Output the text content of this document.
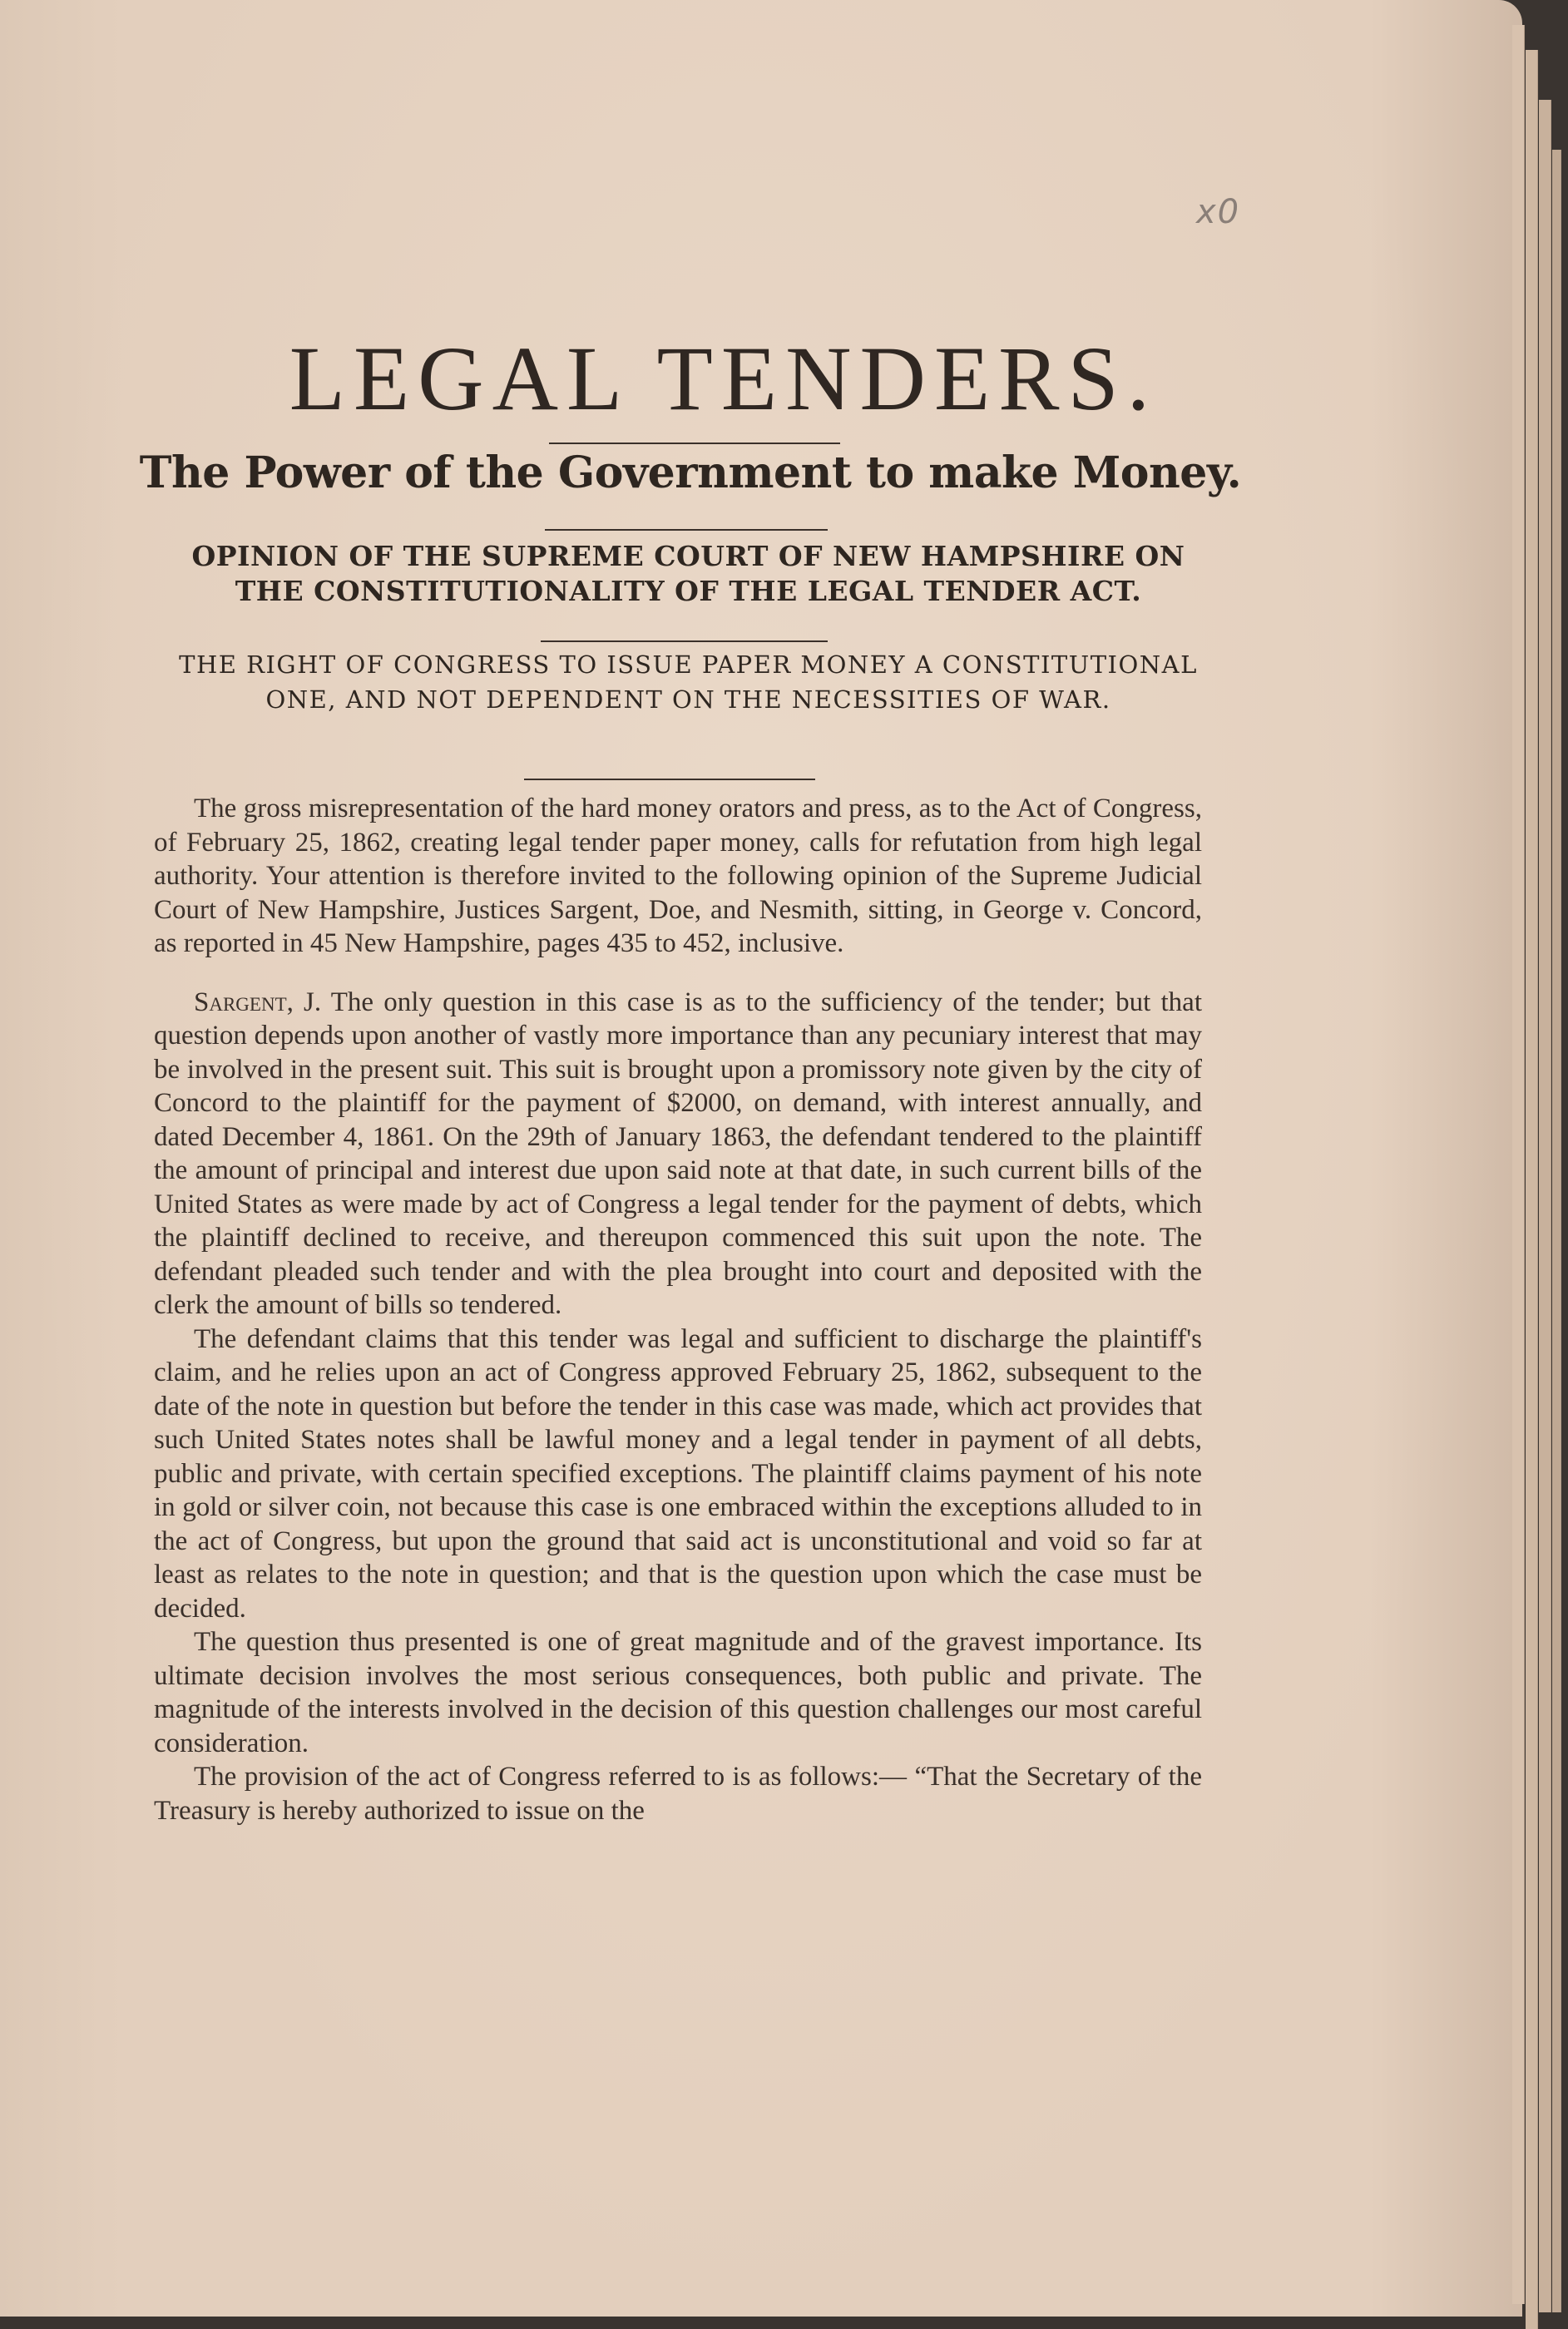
x0
LEGAL TENDERS.
The Power of the Government to make Money.
OPINION OF THE SUPREME COURT OF NEW HAMPSHIRE ON THE CONSTITUTIONALITY OF THE LEGAL TENDER ACT.
THE RIGHT OF CONGRESS TO ISSUE PAPER MONEY A CONSTITUTIONAL ONE, AND NOT DEPENDENT ON THE NECESSITIES OF WAR.

The gross misrepresentation of the hard money orators and press, as to the Act of Congress, of February 25, 1862, creating legal tender paper money, calls for refutation from high legal authority. Your attention is therefore invited to the following opinion of the Supreme Judicial Court of New Hampshire, Justices Sargent, Doe, and Nesmith, sitting, in George v. Concord, as reported in 45 New Hampshire, pages 435 to 452, inclusive.

Sargent, J. The only question in this case is as to the sufficiency of the tender; but that question depends upon another of vastly more importance than any pecuniary interest that may be involved in the present suit. This suit is brought upon a promissory note given by the city of Concord to the plaintiff for the payment of $2000, on demand, with interest annually, and dated December 4, 1861. On the 29th of January 1863, the defendant tendered to the plaintiff the amount of principal and interest due upon said note at that date, in such current bills of the United States as were made by act of Congress a legal tender for the payment of debts, which the plaintiff declined to receive, and thereupon commenced this suit upon the note. The defendant pleaded such tender and with the plea brought into court and deposited with the clerk the amount of bills so tendered.

The defendant claims that this tender was legal and sufficient to discharge the plaintiff's claim, and he relies upon an act of Congress approved February 25, 1862, subsequent to the date of the note in question but before the tender in this case was made, which act provides that such United States notes shall be lawful money and a legal tender in payment of all debts, public and private, with certain specified exceptions. The plaintiff claims payment of his note in gold or silver coin, not because this case is one embraced within the exceptions alluded to in the act of Congress, but upon the ground that said act is unconstitutional and void so far at least as relates to the note in question; and that is the question upon which the case must be decided.

The question thus presented is one of great magnitude and of the gravest importance. Its ultimate decision involves the most serious consequences, both public and private. The magnitude of the interests involved in the decision of this question challenges our most careful consideration.

The provision of the act of Congress referred to is as follows:— “That the Secretary of the Treasury is hereby authorized to issue on the
